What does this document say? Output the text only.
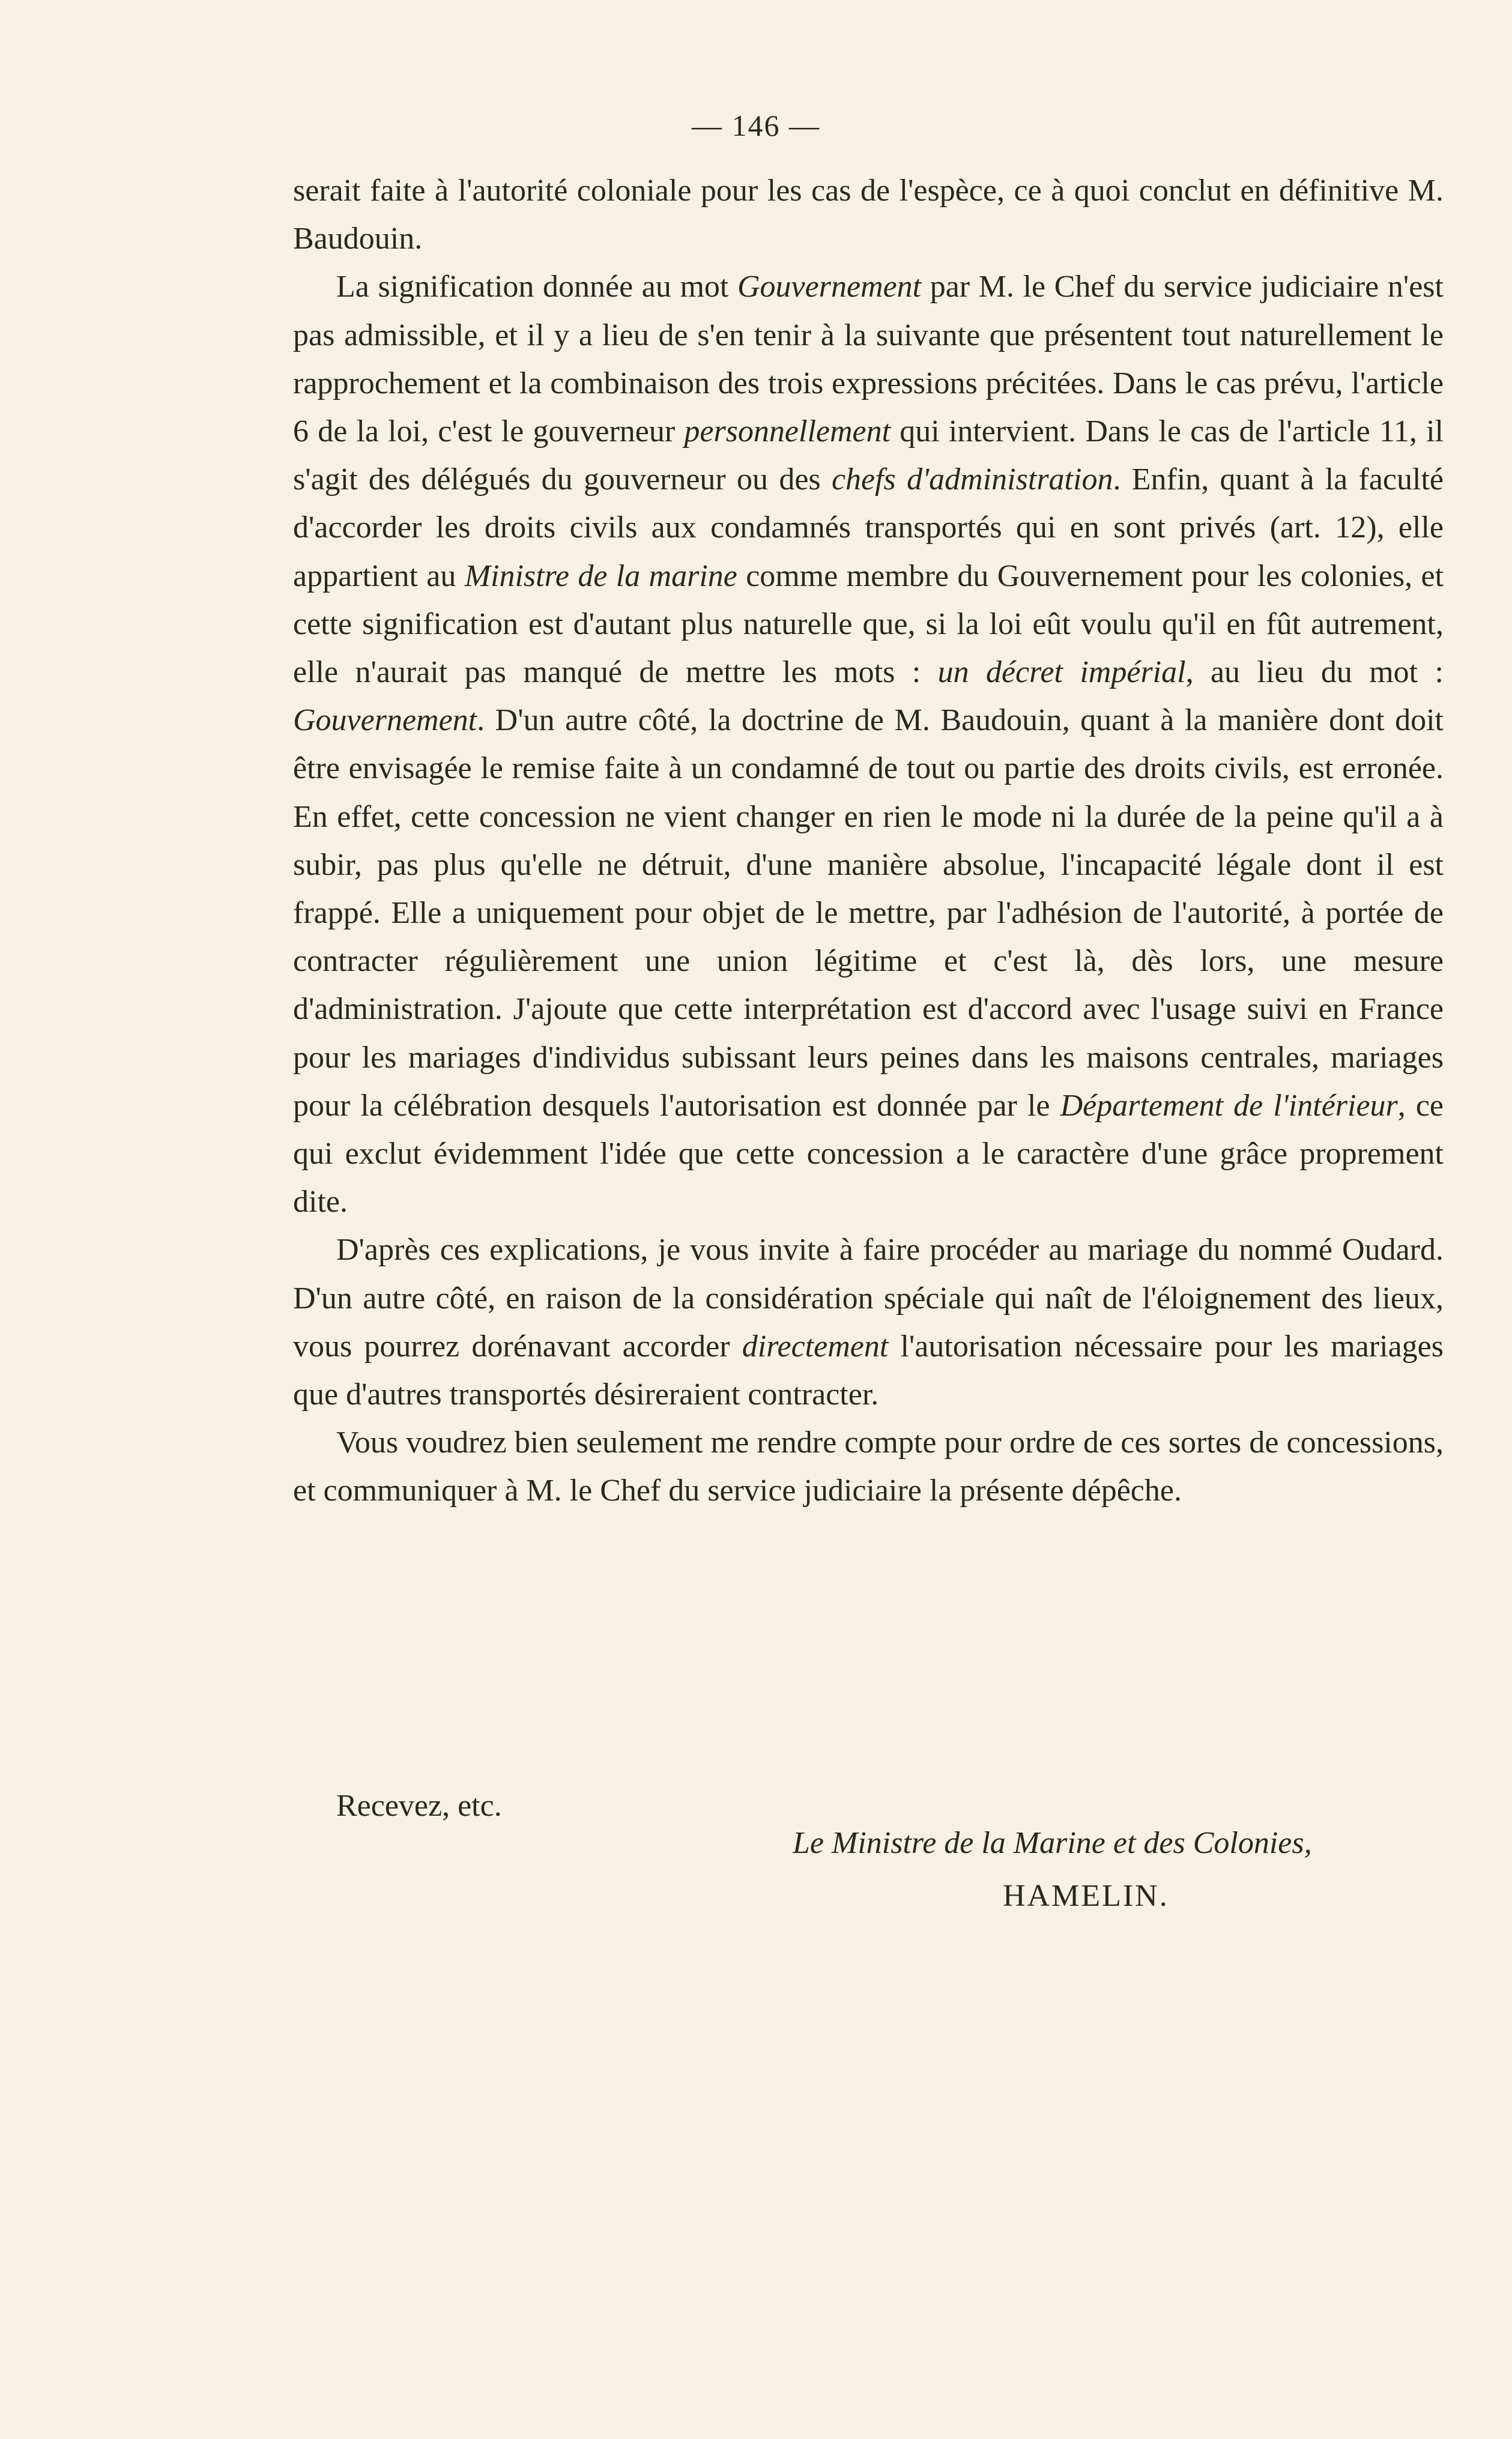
— 146 —

serait faite à l'autorité coloniale pour les cas de l'espèce, ce à quoi conclut en définitive M. Baudouin.

La signification donnée au mot Gouvernement par M. le Chef du service judiciaire n'est pas admissible, et il y a lieu de s'en tenir à la suivante que présentent tout naturellement le rapprochement et la combinaison des trois expressions précitées. Dans le cas prévu, l'article 6 de la loi, c'est le gouverneur personnellement qui intervient. Dans le cas de l'article 11, il s'agit des délégués du gouverneur ou des chefs d'administration. Enfin, quant à la faculté d'accorder les droits civils aux condamnés transportés qui en sont privés (art. 12), elle appartient au Ministre de la marine comme membre du Gouvernement pour les colonies, et cette signification est d'autant plus naturelle que, si la loi eût voulu qu'il en fût autrement, elle n'aurait pas manqué de mettre les mots : un décret impérial, au lieu du mot : Gouvernement. D'un autre côté, la doctrine de M. Baudouin, quant à la manière dont doit être envisagée le remise faite à un condamné de tout ou partie des droits civils, est erronée. En effet, cette concession ne vient changer en rien le mode ni la durée de la peine qu'il a à subir, pas plus qu'elle ne détruit, d'une manière absolue, l'incapacité légale dont il est frappé. Elle a uniquement pour objet de le mettre, par l'adhésion de l'autorité, à portée de contracter régulièrement une union légitime et c'est là, dès lors, une mesure d'administration. J'ajoute que cette interprétation est d'accord avec l'usage suivi en France pour les mariages d'individus subissant leurs peines dans les maisons centrales, mariages pour la célébration desquels l'autorisation est donnée par le Département de l'intérieur, ce qui exclut évidemment l'idée que cette concession a le caractère d'une grâce proprement dite.

D'après ces explications, je vous invite à faire procéder au mariage du nommé Oudard. D'un autre côté, en raison de la considération spéciale qui naît de l'éloignement des lieux, vous pourrez dorénavant accorder directement l'autorisation nécessaire pour les mariages que d'autres transportés désireraient contracter.

Vous voudrez bien seulement me rendre compte pour ordre de ces sortes de concessions, et communiquer à M. le Chef du service judiciaire la présente dépêche.

Recevez, etc.
Le Ministre de la Marine et des Colonies,
HAMELIN.
